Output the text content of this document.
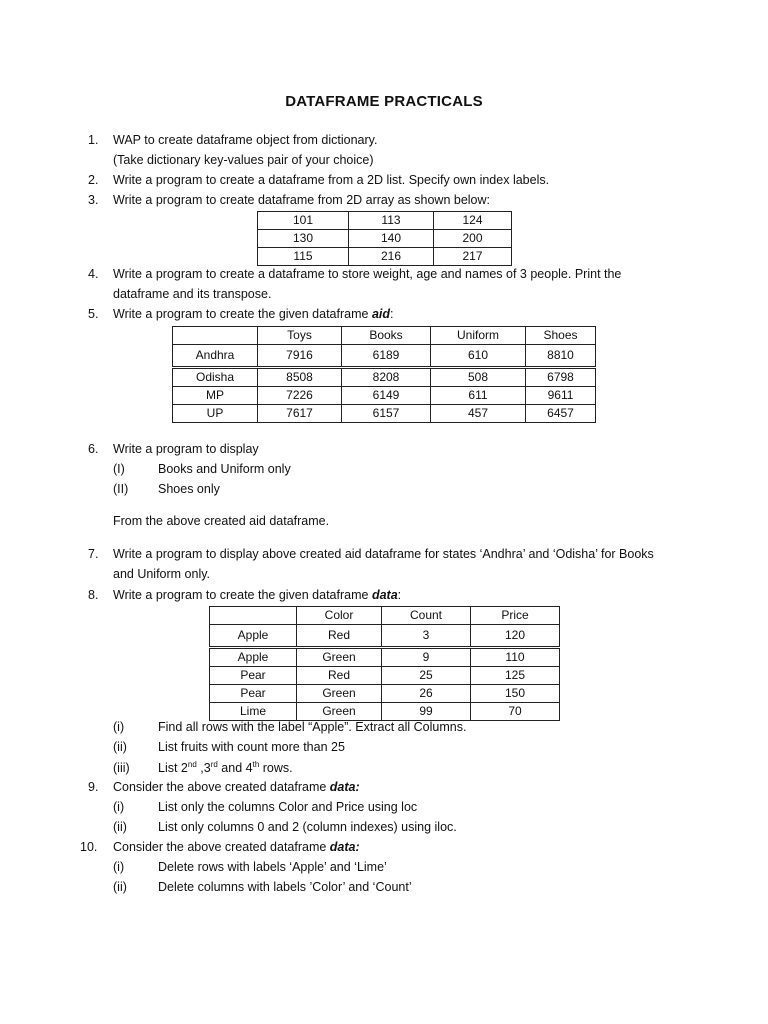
DATAFRAME PRACTICALS
1. WAP to create dataframe object from dictionary.
(Take dictionary key-values pair of your choice)
2. Write a program to create a dataframe from a 2D list. Specify own index labels.
3. Write a program to create dataframe from 2D array as shown below:
101	113	124
130	140	200
115	216	217
4. Write a program to create a dataframe to store weight, age and names of 3 people. Print the
dataframe and its transpose.
5. Write a program to create the given dataframe aid:
	Toys	Books	Uniform	Shoes
Andhra	7916	6189	610	8810
Odisha	8508	8208	508	6798
MP	7226	6149	611	9611
UP	7617	6157	457	6457
6. Write a program to display
(I)	Books and Uniform only
(II) Shoes only
From the above created aid dataframe.
7. Write a program to display above created aid dataframe for states ‘Andhra’ and ‘Odisha’ for Books
and Uniform only.
8. Write a program to create the given dataframe data:
	Color	Count	Price
Apple	Red	3	120
Apple	Green	9	110
Pear	Red	25	125
Pear	Green	26	150
Lime	Green	99	70
(i)	Find all rows with the label “Apple”. Extract all Columns.
(ii) List fruits with count more than 25
(iii) List 2nd ,3rd and 4th rows.
9. Consider the above created dataframe data:
(i)	List only the columns Color and Price using loc
(ii) List only columns 0 and 2 (column indexes) using iloc.
10. Consider the above created dataframe data:
(i)	Delete rows with labels ‘Apple’ and ‘Lime’
(ii) Delete columns with labels ’Color’ and ‘Count’
